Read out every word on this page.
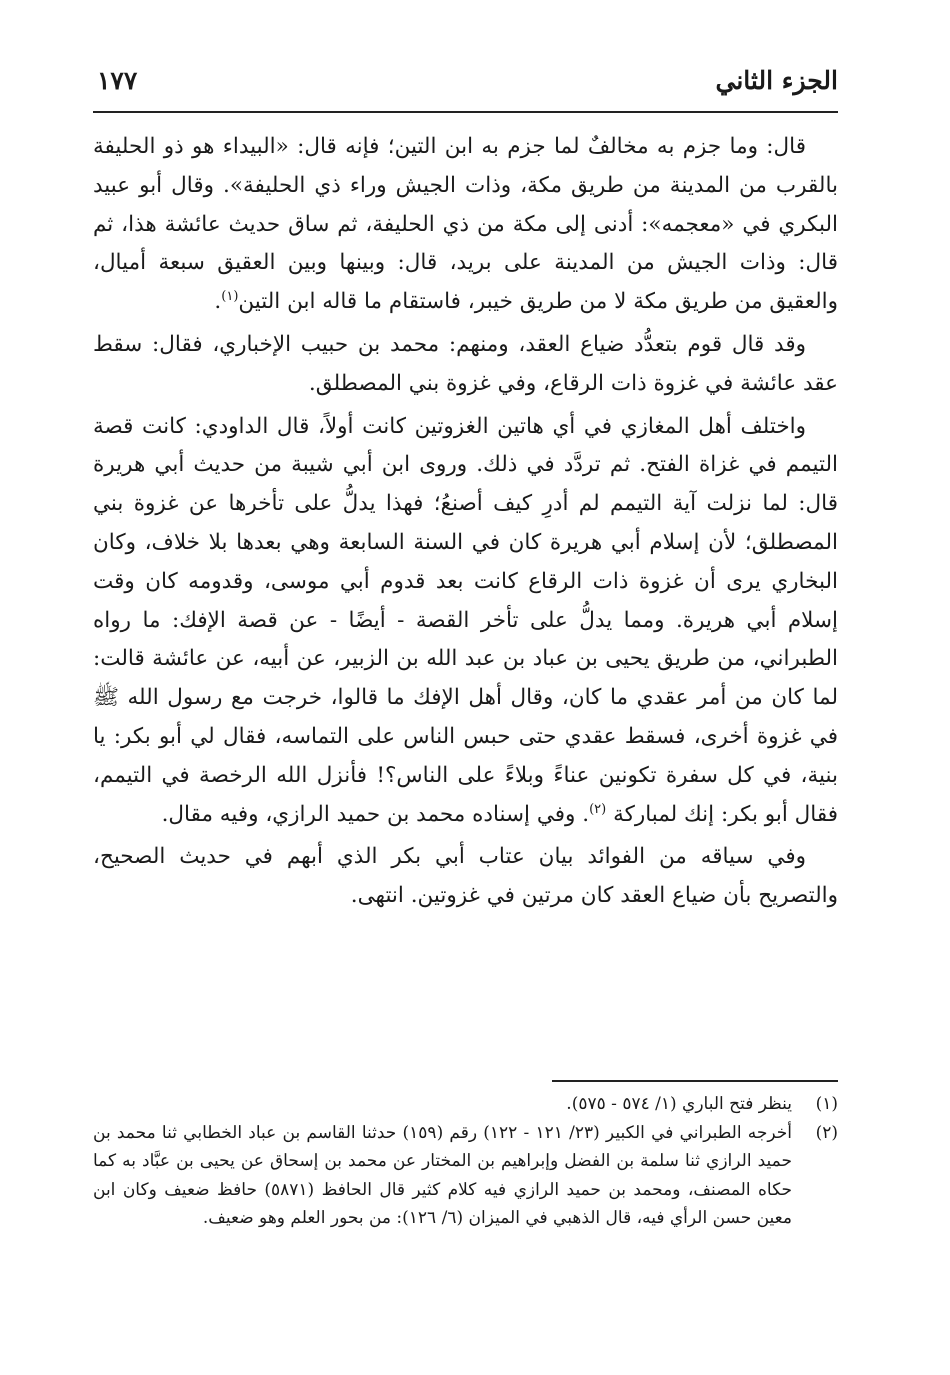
الجزء الثاني
١٧٧

قال: وما جزم به مخالفٌ لما جزم به ابن التين؛ فإنه قال: «البيداء هو ذو الحليفة بالقرب من المدينة من طريق مكة، وذات الجيش وراء ذي الحليفة». وقال أبو عبيد البكري في «معجمه»: أدنى إلى مكة من ذي الحليفة، ثم ساق حديث عائشة هذا، ثم قال: وذات الجيش من المدينة على بريد، قال: وبينها وبين العقيق سبعة أميال، والعقيق من طريق مكة لا من طريق خيبر، فاستقام ما قاله ابن التين$^{(١)}$.

وقد قال قوم بتعدُّد ضياع العقد، ومنهم: محمد بن حبيب الإخباري، فقال: سقط عقد عائشة في غزوة ذات الرقاع، وفي غزوة بني المصطلق.

واختلف أهل المغازي في أي هاتين الغزوتين كانت أولاً، قال الداودي: كانت قصة التيمم في غزاة الفتح. ثم تردَّد في ذلك. وروى ابن أبي شيبة من حديث أبي هريرة قال: لما نزلت آية التيمم لم أدرِ كيف أصنعُ؛ فهذا يدلُّ على تأخرها عن غزوة بني المصطلق؛ لأن إسلام أبي هريرة كان في السنة السابعة وهي بعدها بلا خلاف، وكان البخاري يرى أن غزوة ذات الرقاع كانت بعد قدوم أبي موسى، وقدومه كان وقت إسلام أبي هريرة. ومما يدلُّ على تأخر القصة - أيضًا - عن قصة الإفك: ما رواه الطبراني، من طريق يحيى بن عباد بن عبد الله بن الزبير، عن أبيه، عن عائشة قالت: لما كان من أمر عقدي ما كان، وقال أهل الإفك ما قالوا، خرجت مع رسول الله ﷺ في غزوة أخرى، فسقط عقدي حتى حبس الناس على التماسه، فقال لي أبو بكر: يا بنية، في كل سفرة تكونين عناءً وبلاءً على الناس؟! فأنزل الله الرخصة في التيمم، فقال أبو بكر: إنك لمباركة $^{(٢)}$. وفي إسناده محمد بن حميد الرازي، وفيه مقال.

وفي سياقه من الفوائد بيان عتاب أبي بكر الذي أبهم في حديث الصحيح، والتصريح بأن ضياع العقد كان مرتين في غزوتين. انتهى.

(١)
ينظر فتح الباري (١/ ٥٧٤ - ٥٧٥).
(٢)
أخرجه الطبراني في الكبير (٢٣/ ١٢١ - ١٢٢) رقم (١٥٩) حدثنا القاسم بن عباد الخطابي ثنا محمد بن حميد الرازي ثنا سلمة بن الفضل وإبراهيم بن المختار عن محمد بن إسحاق عن يحيى بن عبَّاد به كما حكاه المصنف، ومحمد بن حميد الرازي فيه كلام كثير قال الحافظ (٥٨٧١) حافظ ضعيف وكان ابن معين حسن الرأي فيه، قال الذهبي في الميزان (٦/ ١٢٦): من بحور العلم وهو ضعيف.
